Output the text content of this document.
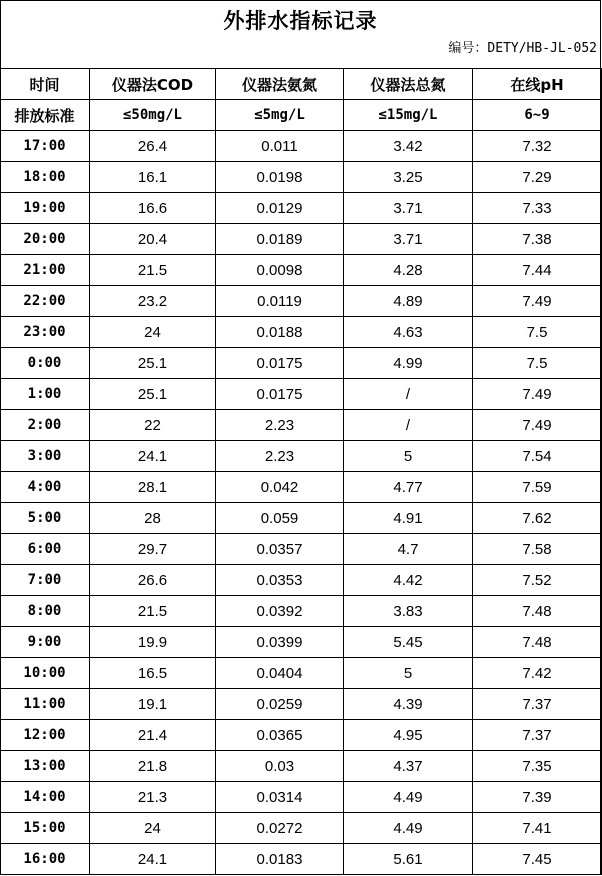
外排水指标记录
编号：DETY/HB-JL-052
时间	仪器法COD	仪器法氨氮	仪器法总氮	在线pH
排放标准	≤50mg/L	≤5mg/L	≤15mg/L	6~9
17:00	26.4	0.011	3.42	7.32
18:00	16.1	0.0198	3.25	7.29
19:00	16.6	0.0129	3.71	7.33
20:00	20.4	0.0189	3.71	7.38
21:00	21.5	0.0098	4.28	7.44
22:00	23.2	0.0119	4.89	7.49
23:00	24	0.0188	4.63	7.5
0:00	25.1	0.0175	4.99	7.5
1:00	25.1	0.0175	/	7.49
2:00	22	2.23	/	7.49
3:00	24.1	2.23	5	7.54
4:00	28.1	0.042	4.77	7.59
5:00	28	0.059	4.91	7.62
6:00	29.7	0.0357	4.7	7.58
7:00	26.6	0.0353	4.42	7.52
8:00	21.5	0.0392	3.83	7.48
9:00	19.9	0.0399	5.45	7.48
10:00	16.5	0.0404	5	7.42
11:00	19.1	0.0259	4.39	7.37
12:00	21.4	0.0365	4.95	7.37
13:00	21.8	0.03	4.37	7.35
14:00	21.3	0.0314	4.49	7.39
15:00	24	0.0272	4.49	7.41
16:00	24.1	0.0183	5.61	7.45
